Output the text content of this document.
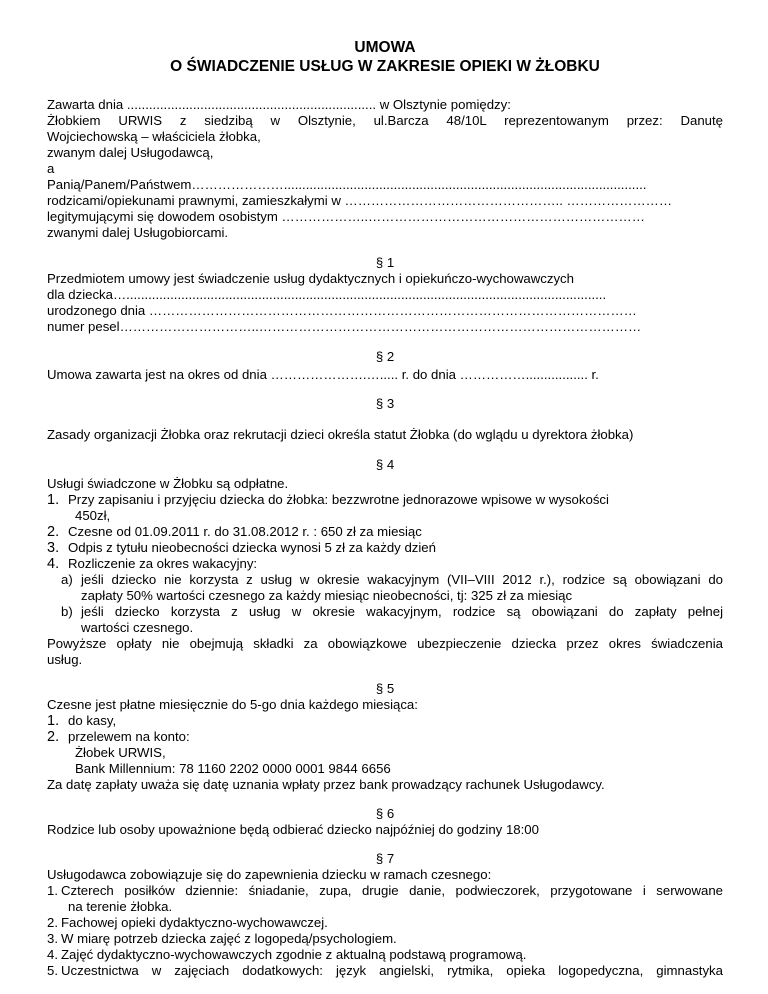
UMOWA
O ŚWIADCZENIE USŁUG W ZAKRESIE OPIEKI W ŻŁOBKU
Zawarta dnia .................................................................... w Olsztynie pomiędzy:
Żłobkiem URWIS z siedzibą w Olsztynie, ul.Barcza 48/10L reprezentowanym przez: Danutę
Wojciechowską – właściciela żłobka,
zwanym dalej Usługodawcą,
a
Panią/Panem/Państwem…………………...................................................................................................
rodzicami/opiekunami prawnymi, zamieszkałymi w ………………………………………….. ……………………
legitymującymi się dowodem osobistym ………………..………………………………………………………
zwanymi dalej Usługobiorcami.
§ 1
Przedmiotem umowy jest świadczenie usług dydaktycznych i opiekuńczo-wychowawczych
dla dziecka…...................................................................................................................................
urodzonego dnia …………………………………………………………………………………………………
numer pesel…………………………..……………………………………………………………………………
§ 2
Umowa zawarta jest na okres od dnia ………………….…..... r. do dnia ……………................. r.
§ 3
Zasady organizacji Żłobka oraz rekrutacji dzieci określa statut Żłobka (do wglądu u dyrektora żłobka)
§ 4
Usługi świadczone w Żłobku są odpłatne.
1. Przy zapisaniu i przyjęciu dziecka do żłobka: bezzwrotne jednorazowe wpisowe w wysokości
450zł,
2. Czesne od 01.09.2011 r. do 31.08.2012 r. : 650 zł za miesiąc
3. Odpis z tytułu nieobecności dziecka wynosi 5 zł za każdy dzień
4. Rozliczenie za okres wakacyjny:
a) jeśli dziecko nie korzysta z usług w okresie wakacyjnym (VII–VIII 2012 r.), rodzice są obowiązani do
zapłaty 50% wartości czesnego za każdy miesiąc nieobecności, tj: 325 zł za miesiąc
b) jeśli dziecko korzysta z usług w okresie wakacyjnym, rodzice są obowiązani do zapłaty pełnej
wartości czesnego.
Powyższe opłaty nie obejmują składki za obowiązkowe ubezpieczenie dziecka przez okres świadczenia
usług.
§ 5
Czesne jest płatne miesięcznie do 5-go dnia każdego miesiąca:
1. do kasy,
2. przelewem na konto:
Żłobek URWIS,
Bank Millennium: 78 1160 2202 0000 0001 9844 6656
Za datę zapłaty uważa się datę uznania wpłaty przez bank prowadzący rachunek Usługodawcy.
§ 6
Rodzice lub osoby upoważnione będą odbierać dziecko najpóźniej do godziny 18:00
§ 7
Usługodawca zobowiązuje się do zapewnienia dziecku w ramach czesnego:
1. Czterech posiłków dziennie: śniadanie, zupa, drugie danie, podwieczorek, przygotowane i serwowane
na terenie żłobka.
2. Fachowej opieki dydaktyczno-wychowawczej.
3. W miarę potrzeb dziecka zajęć z logopedą/psychologiem.
4. Zajęć dydaktyczno-wychowawczych zgodnie z aktualną podstawą programową.
5. Uczestnictwa w zajęciach dodatkowych: język angielski, rytmika, opieka logopedyczna, gimnastyka
